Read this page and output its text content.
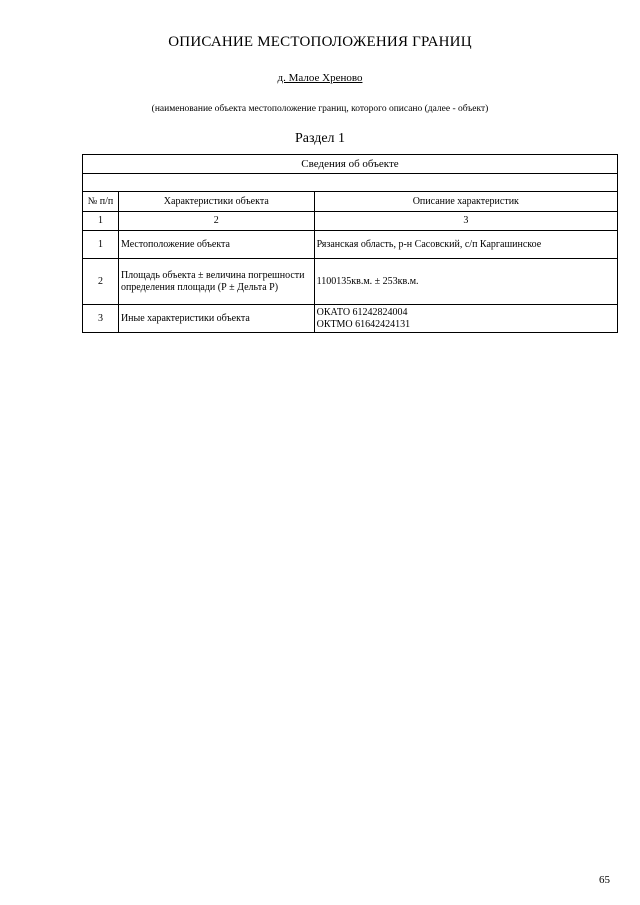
ОПИСАНИЕ МЕСТОПОЛОЖЕНИЯ ГРАНИЦ
д. Малое Хреново
(наименование объекта местоположение границ, которого описано (далее - объект)
Раздел 1
Сведения об объекте		

№ п/п	Характеристики объекта	Описание характеристик
1	2	3
1	Местоположение объекта	Рязанская область, р-н Сасовский, с/п Каргашинское
2	Площадь объекта ± величина погрешности определения площади (Р ± Дельта Р)	1100135кв.м. ± 253кв.м.
3	Иные характеристики объекта	ОКАТО 61242824004
ОКТМО 61642424131
65
